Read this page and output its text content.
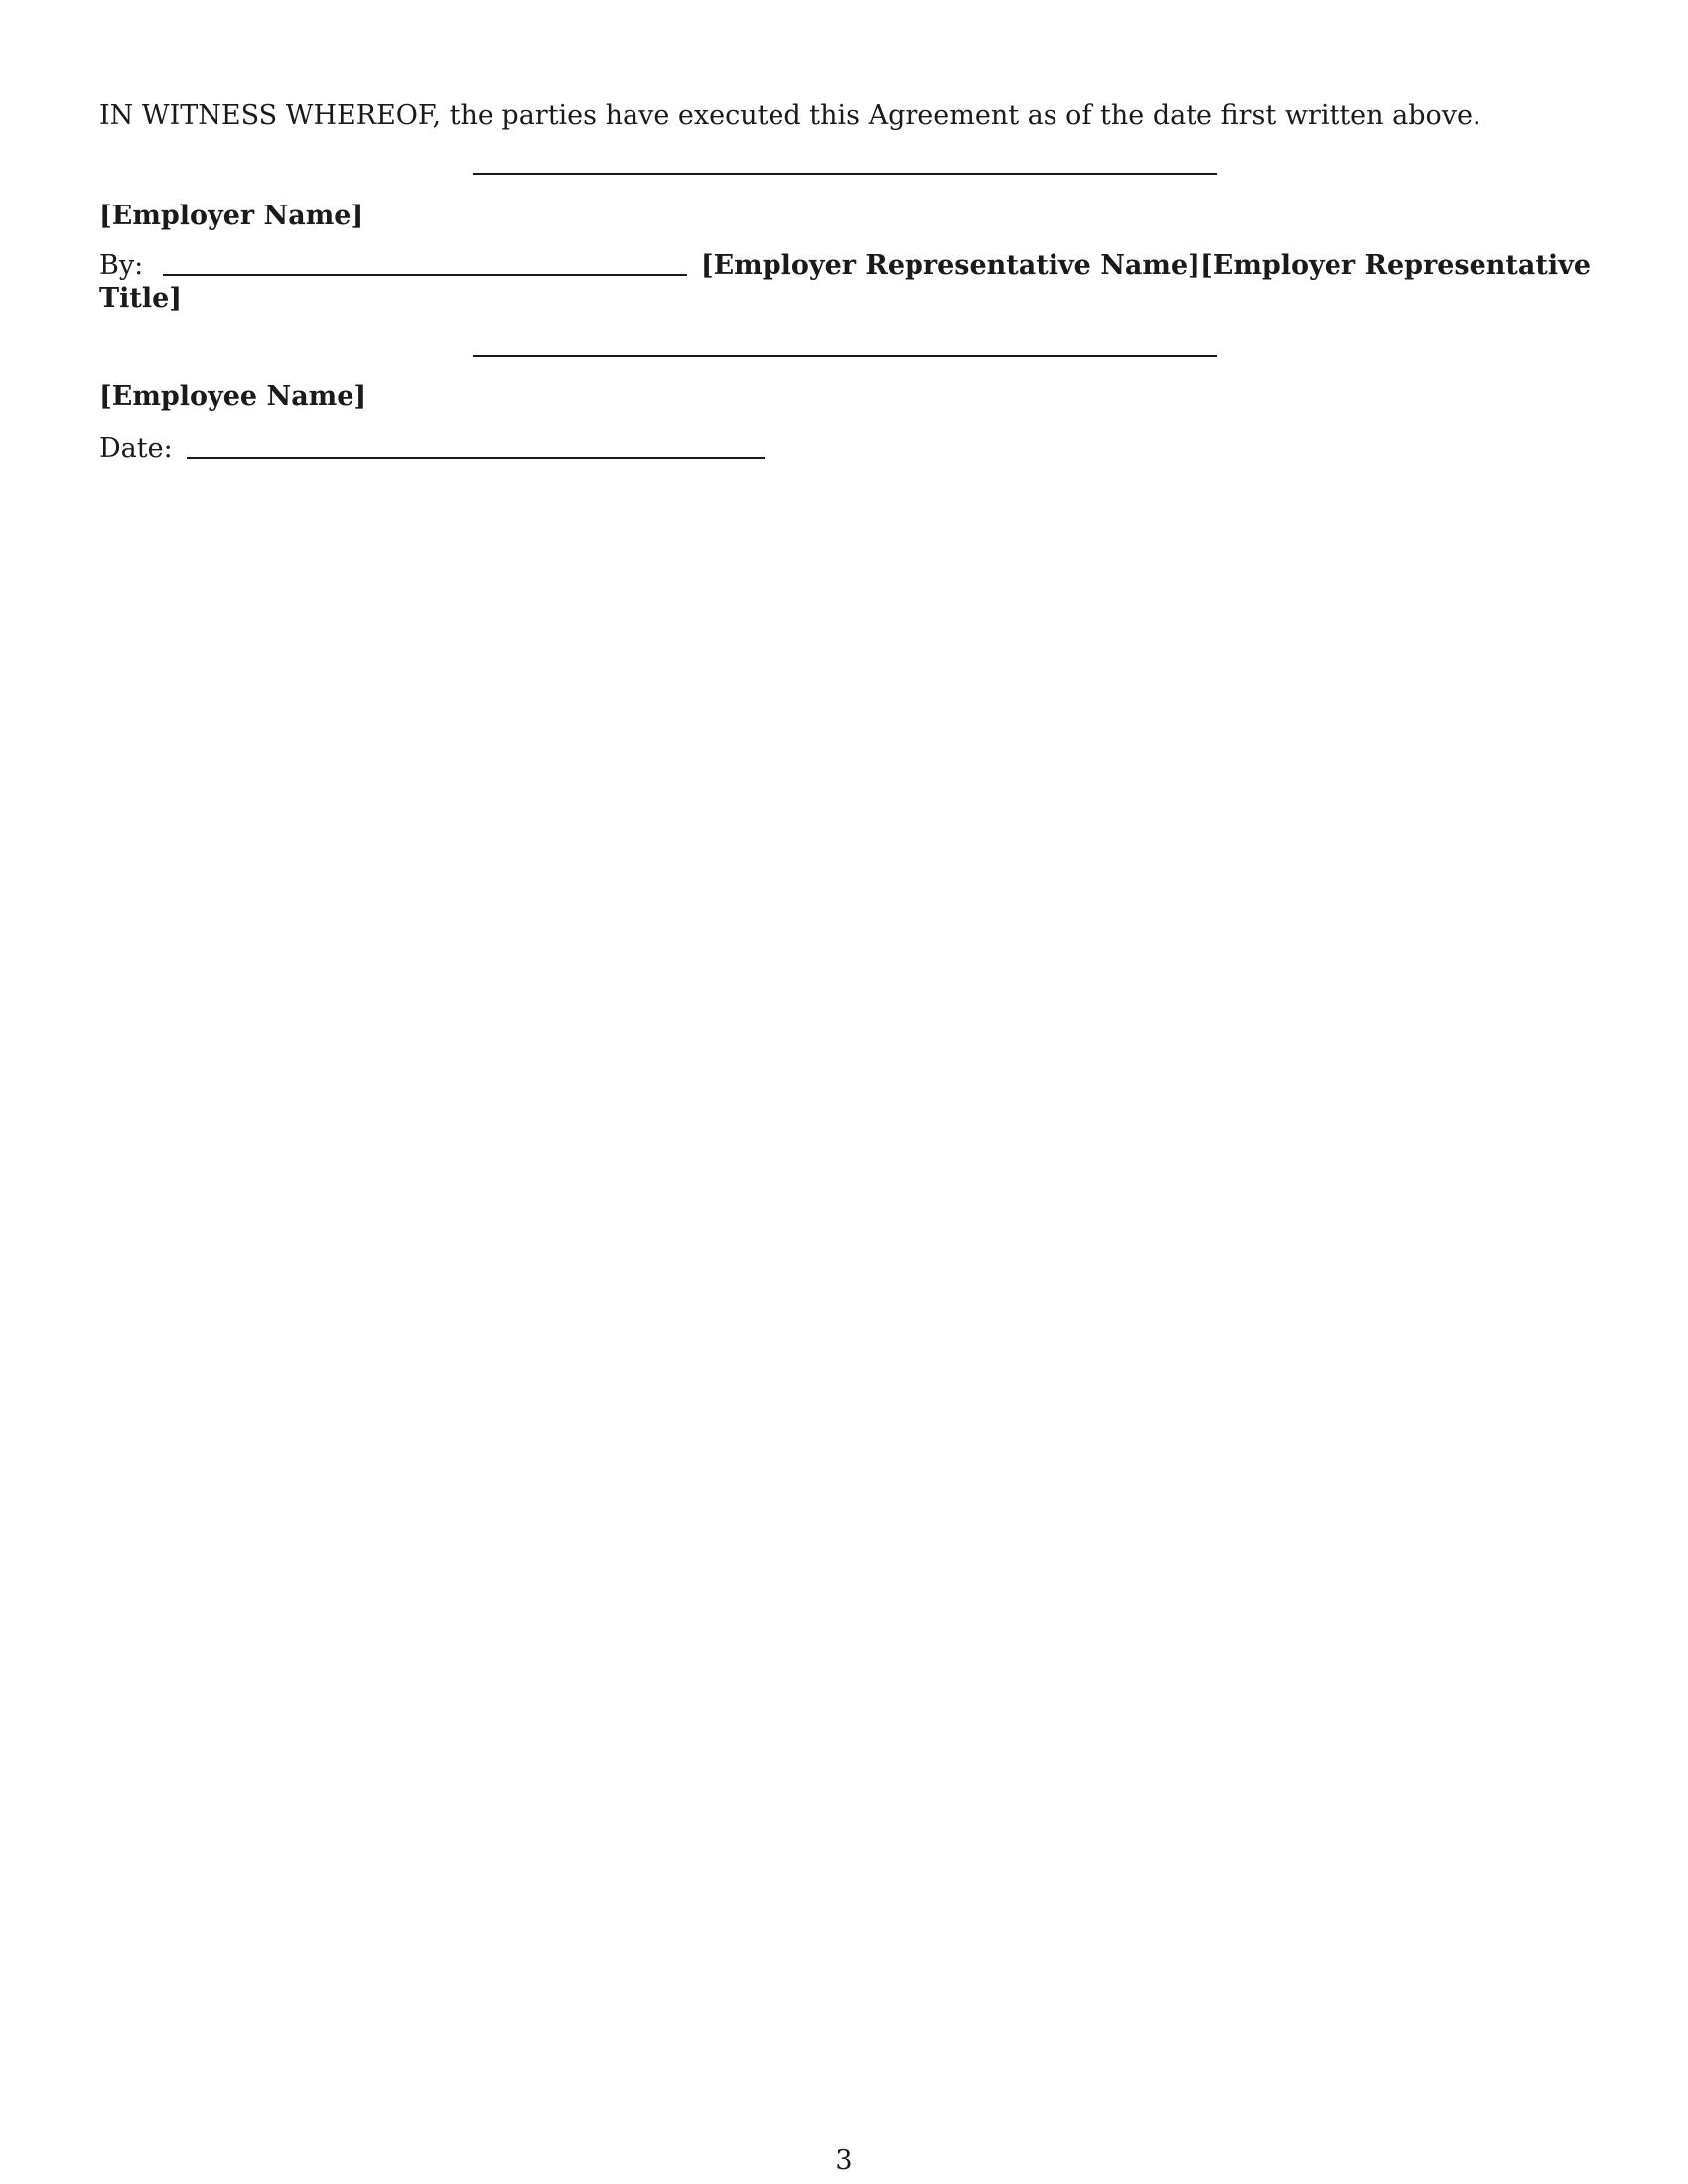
IN WITNESS WHEREOF, the parties have executed this Agreement as of the date first written above.
[Employer Name]
By:	[Employer Representative Name] [Employer Representative
Title]
[Employee Name]
Date:
3
